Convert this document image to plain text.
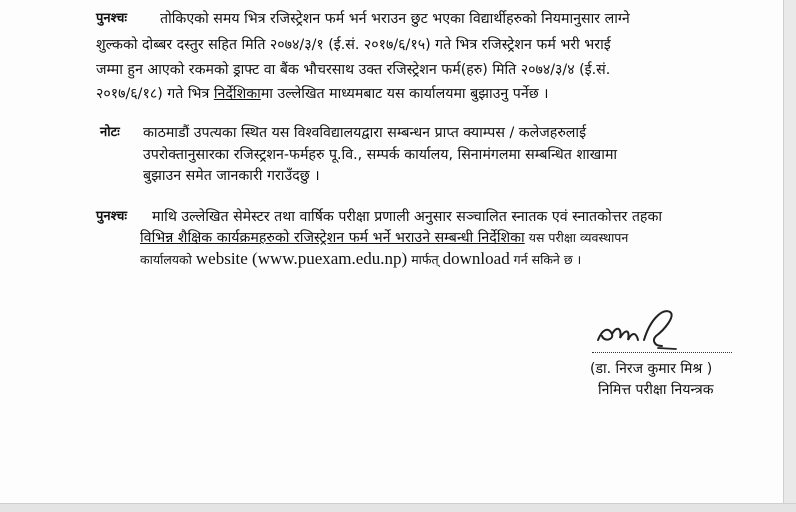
पुनश्चः तोकिएको समय भित्र रजिस्ट्रेशन फर्म भर्न भराउन छुट भएका विद्यार्थीहरुको नियमानुसार लाग्ने
शुल्कको दोब्बर दस्तुर सहित मिति २०७४/३/१ (ई.सं. २०१७/६/१५) गते भित्र रजिस्ट्रेशन फर्म भरी भराई
जम्मा हुन आएको रकमको ड्राफ्ट वा बैंक भौचरसाथ उक्त रजिस्ट्रेशन फर्म(हरु) मिति २०७४/३/४ (ई.सं.
२०१७/६/१८) गते भित्र निर्देशिकामा उल्लेखित माध्यमबाट यस कार्यालयमा बुझाउनु पर्नेछ ।
नोटः काठमाडौं उपत्यका स्थित यस विश्वविद्यालयद्वारा सम्बन्धन प्राप्त क्याम्पस / कलेजहरुलाई
उपरोक्तानुसारका रजिस्ट्रशन-फर्महरु पू.वि., सम्पर्क कार्यालय, सिनामंगलमा सम्बन्धित शाखामा
बुझाउन समेत जानकारी गराउँदछु ।
पुनश्चः माथि उल्लेखित सेमेस्टर तथा वार्षिक परीक्षा प्रणाली अनुसार सञ्चालित स्नातक एवं स्नातकोत्तर तहका
विभिन्न शैक्षिक कार्यक्रमहरुको रजिस्ट्रेशन फर्म भर्ने भराउने सम्बन्धी निर्देशिका यस परीक्षा व्यवस्थापन
कार्यालयको website (www.puexam.edu.np) मार्फत् download गर्न सकिने छ ।
(डा. निरज कुमार मिश्र )
निमित्त परीक्षा नियन्त्रक
